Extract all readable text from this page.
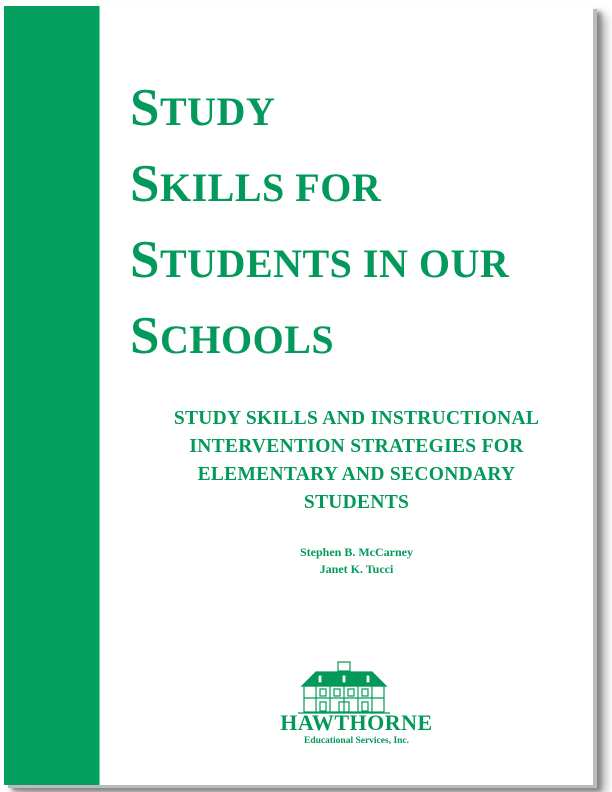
STUDY
SKILLS FOR
STUDENTS IN OUR
SCHOOLS
STUDY SKILLS AND INSTRUCTIONAL
INTERVENTION STRATEGIES FOR
ELEMENTARY AND SECONDARY
STUDENTS
Stephen B. McCarney
Janet K. Tucci
HAWTHORNE
Educational Services, Inc.
